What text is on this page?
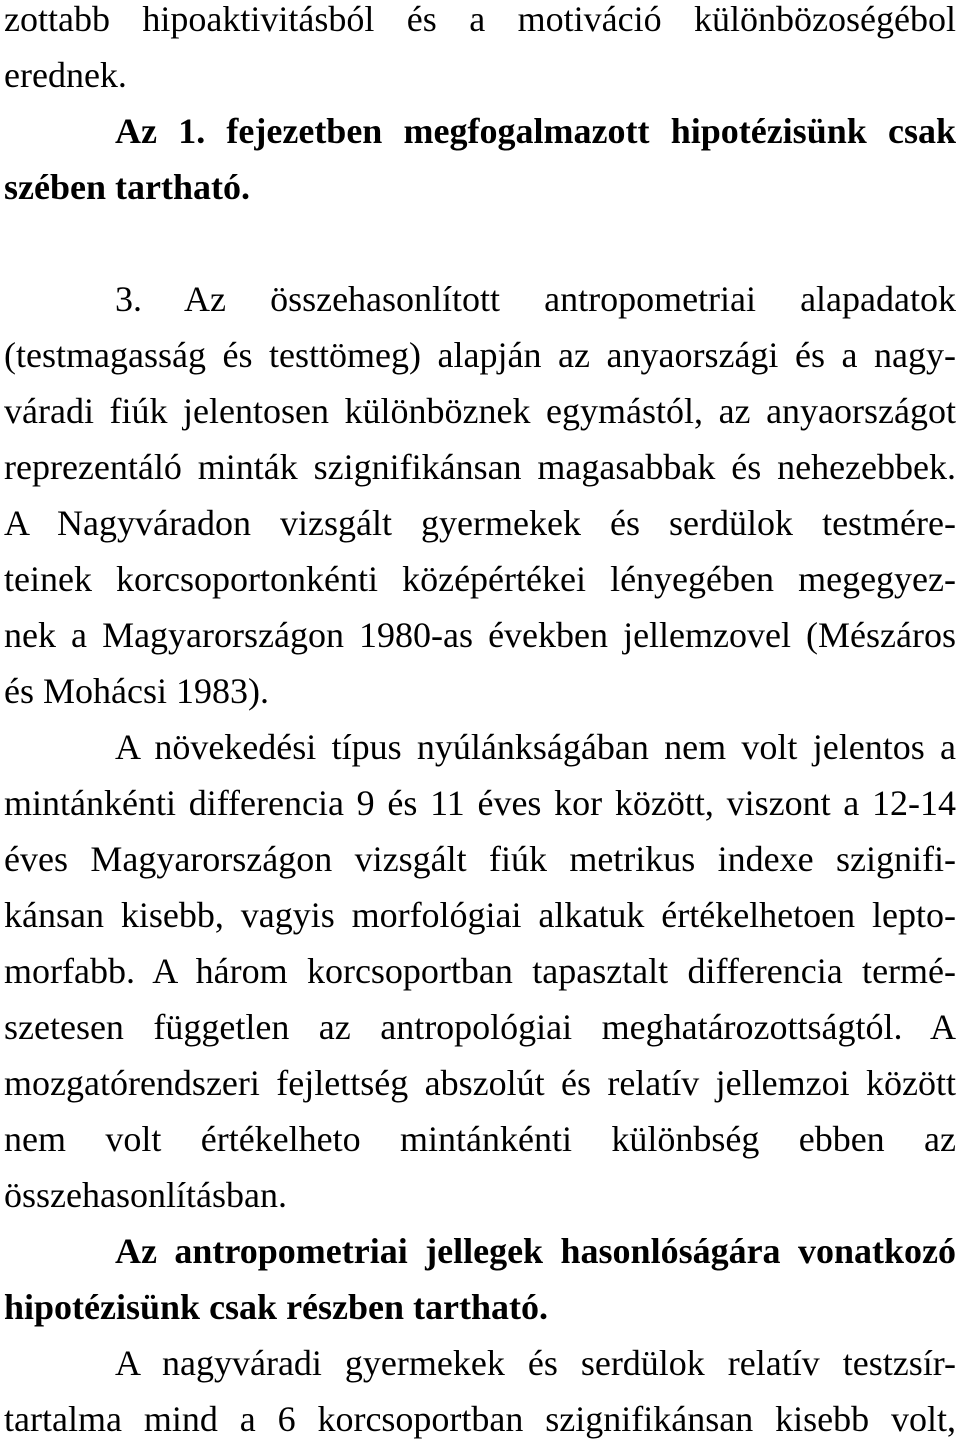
zottabb hipoaktivitásból és a motiváció különbözoségébol
erednek.
Az 1. fejezetben megfogalmazott hipotézisünk csak
szében tartható.
3. Az összehasonlított antropometriai alapadatok
(testmagasság és testtömeg) alapján az anyaországi és a nagy-
váradi fiúk jelentosen különböznek egymástól, az anyaországot
reprezentáló minták szignifikánsan magasabbak és nehezebbek.
A Nagyváradon vizsgált gyermekek és serdülok testmére-
teinek korcsoportonkénti középértékei lényegében megegyez-
nek a Magyarországon 1980-as években jellemzovel (Mészáros
és Mohácsi 1983).
A növekedési típus nyúlánkságában nem volt jelentos a
mintánkénti differencia 9 és 11 éves kor között, viszont a 12-14
éves Magyarországon vizsgált fiúk metrikus indexe szignifi-
kánsan kisebb, vagyis morfológiai alkatuk értékelhetoen lepto-
morfabb. A három korcsoportban tapasztalt differencia termé-
szetesen független az antropológiai meghatározottságtól. A
mozgatórendszeri fejlettség abszolút és relatív jellemzoi között
nem volt értékelheto mintánkénti különbség ebben az
összehasonlításban.
Az antropometriai jellegek hasonlóságára vonatkozó
hipotézisünk csak részben tartható.
A nagyváradi gyermekek és serdülok relatív testzsír-
tartalma mind a 6 korcsoportban szignifikánsan kisebb volt,
